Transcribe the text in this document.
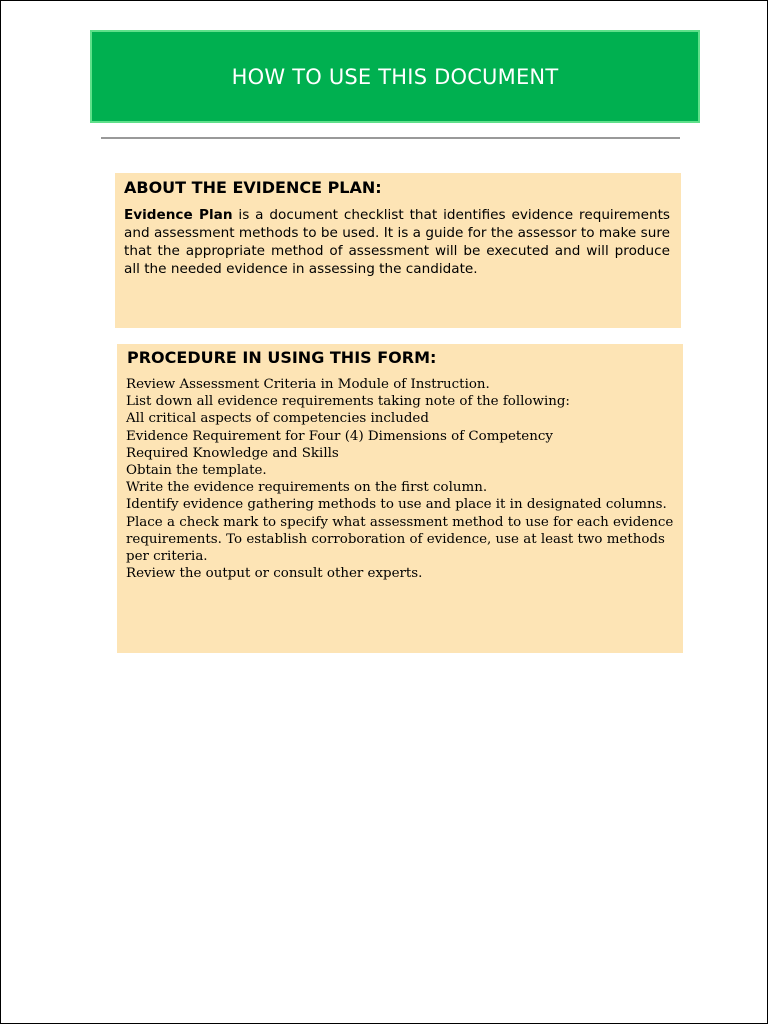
HOW TO USE THIS DOCUMENT
ABOUT THE EVIDENCE PLAN:
Evidence Plan is a document checklist that identifies evidence requirements and assessment methods to be used. It is a guide for the assessor to make sure that the appropriate method of assessment will be executed and will produce all the needed evidence in assessing the candidate.
PROCEDURE IN USING THIS FORM:
Review Assessment Criteria in Module of Instruction.
List down all evidence requirements taking note of the following:
All critical aspects of competencies included
Evidence Requirement for Four (4) Dimensions of Competency
Required Knowledge and Skills
Obtain the template.
Write the evidence requirements on the first column.
Identify evidence gathering methods to use and place it in designated columns.
Place a check mark to specify what assessment method to use for each evidence requirements. To establish corroboration of evidence, use at least two methods per criteria.
Review the output or consult other experts.
